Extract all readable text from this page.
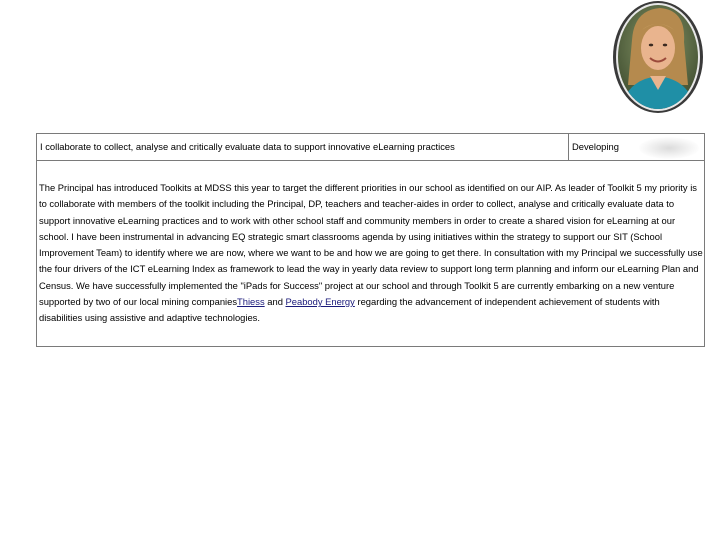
I collaborate to collect, analyse and critically evaluate data to support innovative eLearning practices	Developing

The Principal has introduced Toolkits at MDSS this year to target the different priorities in our school as identified on our AIP. As leader of Toolkit 5 my priority is to collaborate with members of the toolkit including the Principal, DP, teachers and teacher-aides in order to collect, analyse and critically evaluate data to support innovative eLearning practices and to work with other school staff and community members in order to create a shared vision for eLearning at our school. I have been instrumental in advancing EQ strategic smart classrooms agenda by using initiatives within the strategy to support our SIT (School Improvement Team) to identify where we are now, where we want to be and how we are going to get there. In consultation with my Principal we successfully use the four drivers of the ICT eLearning Index as framework to lead the way in yearly data review to support long term planning and inform our eLearning Plan and Census. We have successfully implemented the "iPads for Success" project at our school and through Toolkit 5 are currently embarking on a new venture supported by two of our local mining companiesThiess and Peabody Energy regarding the advancement of independent achievement of students with disabilities using assistive and adaptive technologies.
